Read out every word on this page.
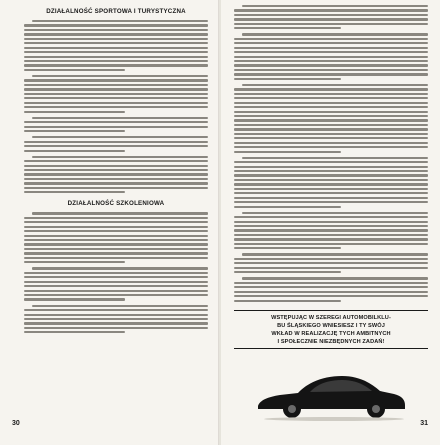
DZIAŁALNOŚĆ SPORTOWA I TURYSTYCZNA
DZIAŁALNOŚĆ SZKOLENIOWA
30
WSTĘPUJĄC W SZEREGI AUTOMOBILKLU-
BU ŚLĄSKIEGO WNIESIESZ I TY SWÓJ
WKŁAD W REALIZACJĘ TYCH AMBITNYCH
I SPOŁECZNIE NIEZBĘDNYCH ZADAŃ!
31
